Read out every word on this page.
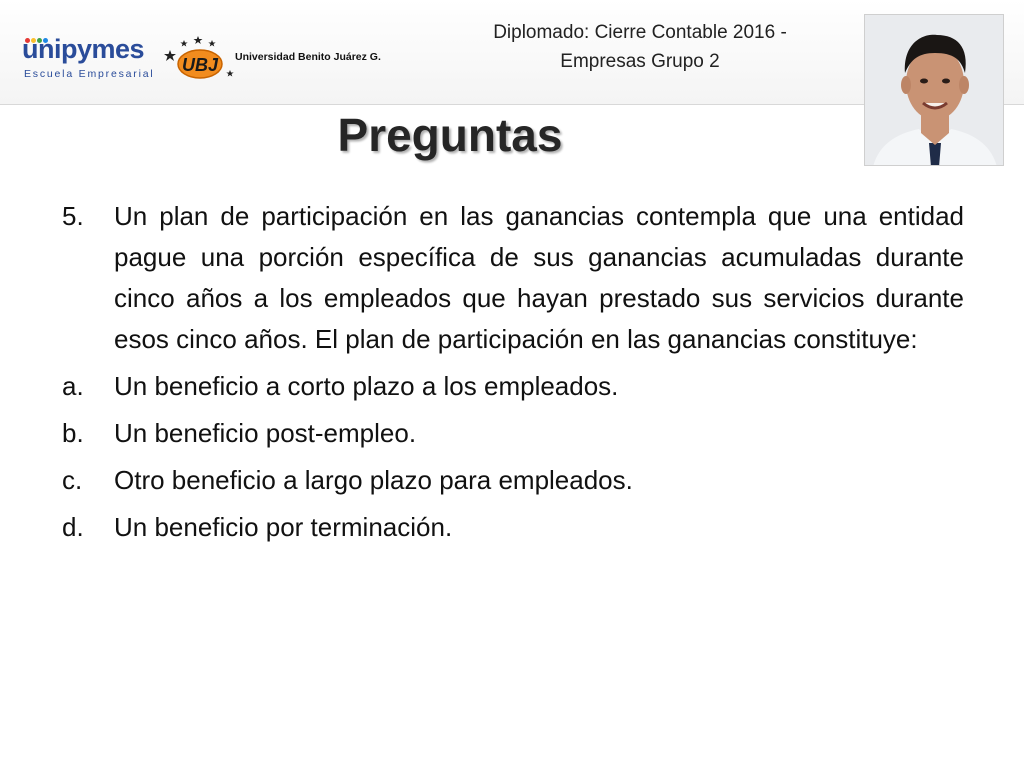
unipymes
Escuela Empresarial UBJ Universidad Benito Juárez G.
Diplomado: Cierre Contable 2016 -
Empresas Grupo 2
Preguntas
5. Un plan de participación en las ganancias contempla que una entidad pague una porción específica de sus ganancias acumuladas durante cinco años a los empleados que hayan prestado sus servicios durante esos cinco años. El plan de participación en las ganancias constituye:
a. Un beneficio a corto plazo a los empleados.
b. Un beneficio post-empleo.
c. Otro beneficio a largo plazo para empleados.
d. Un beneficio por terminación.
